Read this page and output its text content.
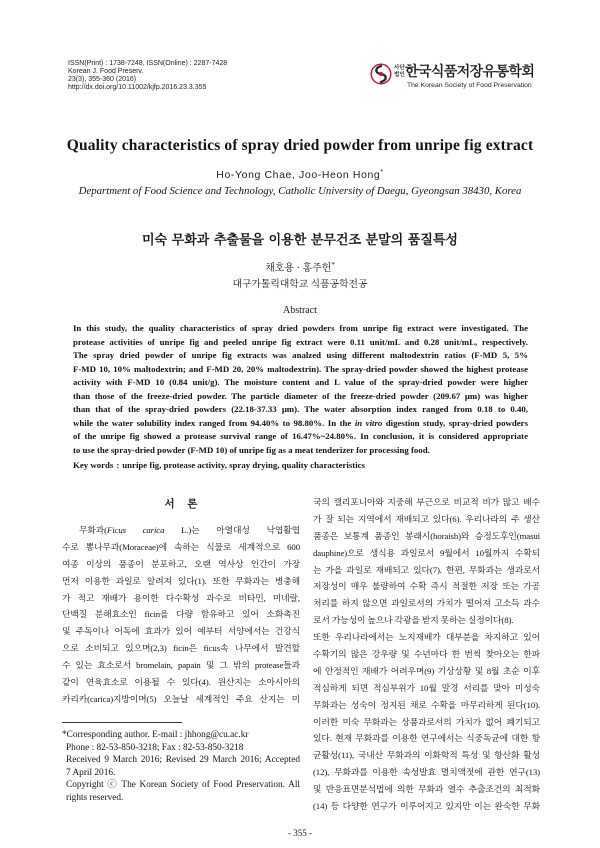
ISSN(Print) : 1738-7248, ISSN(Online) : 2287-7428
Korean J. Food Preserv.
23(3), 355-360 (2016)
http://dx.doi.org/10.11002/kjfp.2016.23.3.355
사단
법인 한국식품저장유통학회
The Korean Society of Food Preservation
Quality characteristics of spray dried powder from unripe fig extract
Ho-Yong Chae, Joo-Heon Hong*
Department of Food Science and Technology, Catholic University of Daegu, Gyeongsan 38430, Korea
미숙 무화과 추출물을 이용한 분무건조 분말의 품질특성
채호용 · 홍주헌*
대구가톨릭대학교 식품공학전공
Abstract
In this study, the quality characteristics of spray dried powders from unripe fig extract were investigated. The
protease activities of unripe fig and peeled unripe fig extract were 0.11 unit/mL and 0.28 unit/mL, respectively.
The spray dried powder of unripe fig extracts was analzed using different maltodextrin ratios (F-MD 5, 5%
F-MD 10, 10% maltodextrin; and F-MD 20, 20% maltodextrin). The spray-dried powder showed the highest protease
activity with F-MD 10 (0.84 unit/g). The moisture content and L value of the spray-dried powder were higher
than those of the freeze-dried powder. The particle diameter of the freeze-dried powder (209.67 μm) was higher
than that of the spray-dried powders (22.18-37.33 μm). The water absorption index ranged from 0.18 to 0.40,
while the water solubility index ranged from 94.40% to 98.80%. In the in vitro digestion study, spray-dried powders
of the unripe fig showed a protease survival range of 16.47%~24.80%. In conclusion, it is considered appropriate
to use the spray-dried powder (F-MD 10) of unripe fig as a meat tenderizer for processing food.
Key words : unripe fig, protease activity, spray drying, quality characteristics
서 론
무화과(Ficus carica L.)는 아열대성 낙엽활엽
수로 뽕나무과(Moraceae)에 속하는 식물로 세계적으로 600
여종 이상의 품종이 분포하고, 오랜 역사상 인간이 가장
먼저 이용한 과일로 알려져 있다(1). 또한 무화과는 병충해
가 적고 재배가 용이한 다수확성 과수로 비타민, 미네랄,
단백질 분해효소인 ficin을 다량 함유하고 있어 소화촉진
및 주독이나 어독에 효과가 있어 예부터 서양에서는 건강식
으로 소비되고 있으며(2,3) ficin은 ficus속 나무에서 발견할
수 있는 효소로서 bromelain, papain 및 그 밖의 protease들과
같이 연육효소로 이용될 수 있다(4). 원산지는 소아시아의
카리카(carica)지방이며(5) 오늘날 세계적인 주요 산지는 미
국의 캘리포니아와 지중해 부근으로 비교적 비가 많고 배수
가 잘 되는 지역에서 재배되고 있다(6). 우리나라의 주 생산
품종은 보통계 품종인 봉래시(horaish)와 승정도후인(masui
dauphine)으로 생식용 과일로서 9월에서 10월까지 수확되
는 가을 과일로 재배되고 있다(7). 한편, 무화과는 생과로서
저장성이 매우 불량하여 수확 즉시 적절한 저장 또는 가공
처리를 하지 않으면 과일로서의 가치가 떨어져 고소득 과수
로서 가능성이 높으나 각광을 받지 못하는 실정이다(8).
또한 우리나라에서는 노지재배가 대부분을 차지하고 있어
수확기의 많은 강우량 및 수년마다 한 번씩 찾아오는 한파
에 안정적인 재배가 어려우며(9) 기상상황 및 8월 초순 이후
적심하게 되면 적심부위가 10월 말경 서리를 맞아 미성숙
무화과는 성숙이 정지된 채로 수확을 마무리하게 된다(10).
이러한 미숙 무화과는 상품과로서의 가치가 없어 폐기되고
있다. 현재 무화과를 이용한 연구에서는 식중독균에 대한 항
균활성(11), 국내산 무화과의 이화학적 특성 및 항산화 활성
(12), 무화과를 이용한 속성발효 멸치액젓에 관한 연구(13)
및 반응표면분석법에 의한 무화과 열수 추출조건의 최적화
(14) 등 다양한 연구가 이루어지고 있지만 이는 완숙한 무화
*Corresponding author. E-mail : jhhong@cu.ac.kr
Phone : 82-53-850-3218; Fax : 82-53-850-3218
Received 9 March 2016; Revised 29 March 2016; Accepted
7 April 2016.
Copyright ⓒ The Korean Society of Food Preservation. All
rights reserved.
- 355 -
